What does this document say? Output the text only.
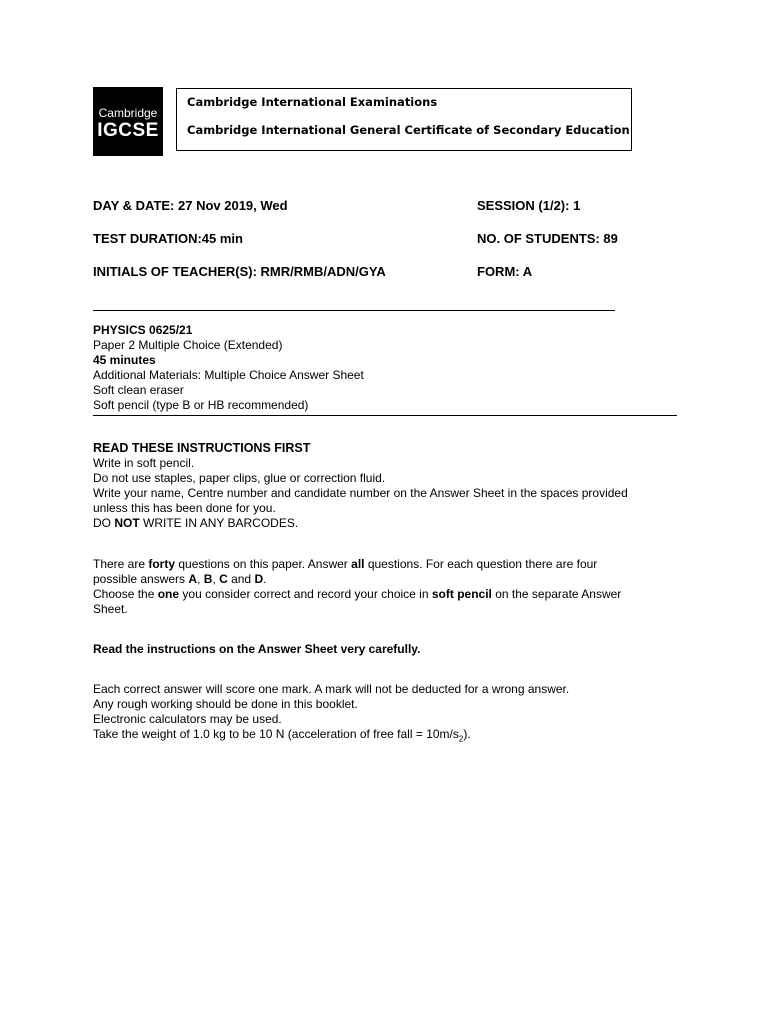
Cambridge
IGCSE
Cambridge International Examinations
Cambridge International General Certificate of Secondary Education
DAY & DATE: 27 Nov 2019, Wed	SESSION (1/2): 1
TEST DURATION:45 min	NO. OF STUDENTS: 89
INITIALS OF TEACHER(S): RMR/RMB/ADN/GYA	FORM: A
PHYSICS 0625/21
Paper 2 Multiple Choice (Extended)
45 minutes
Additional Materials: Multiple Choice Answer Sheet
Soft clean eraser
Soft pencil (type B or HB recommended)
READ THESE INSTRUCTIONS FIRST
Write in soft pencil.
Do not use staples, paper clips, glue or correction fluid.
Write your name, Centre number and candidate number on the Answer Sheet in the spaces provided
unless this has been done for you.
DO NOT WRITE IN ANY BARCODES.
There are forty questions on this paper. Answer all questions. For each question there are four
possible answers A, B, C and D.
Choose the one you consider correct and record your choice in soft pencil on the separate Answer
Sheet.
Read the instructions on the Answer Sheet very carefully.
Each correct answer will score one mark. A mark will not be deducted for a wrong answer.
Any rough working should be done in this booklet.
Electronic calculators may be used.
Take the weight of 1.0 kg to be 10 N (acceleration of free fall = $10m/s_2$).
